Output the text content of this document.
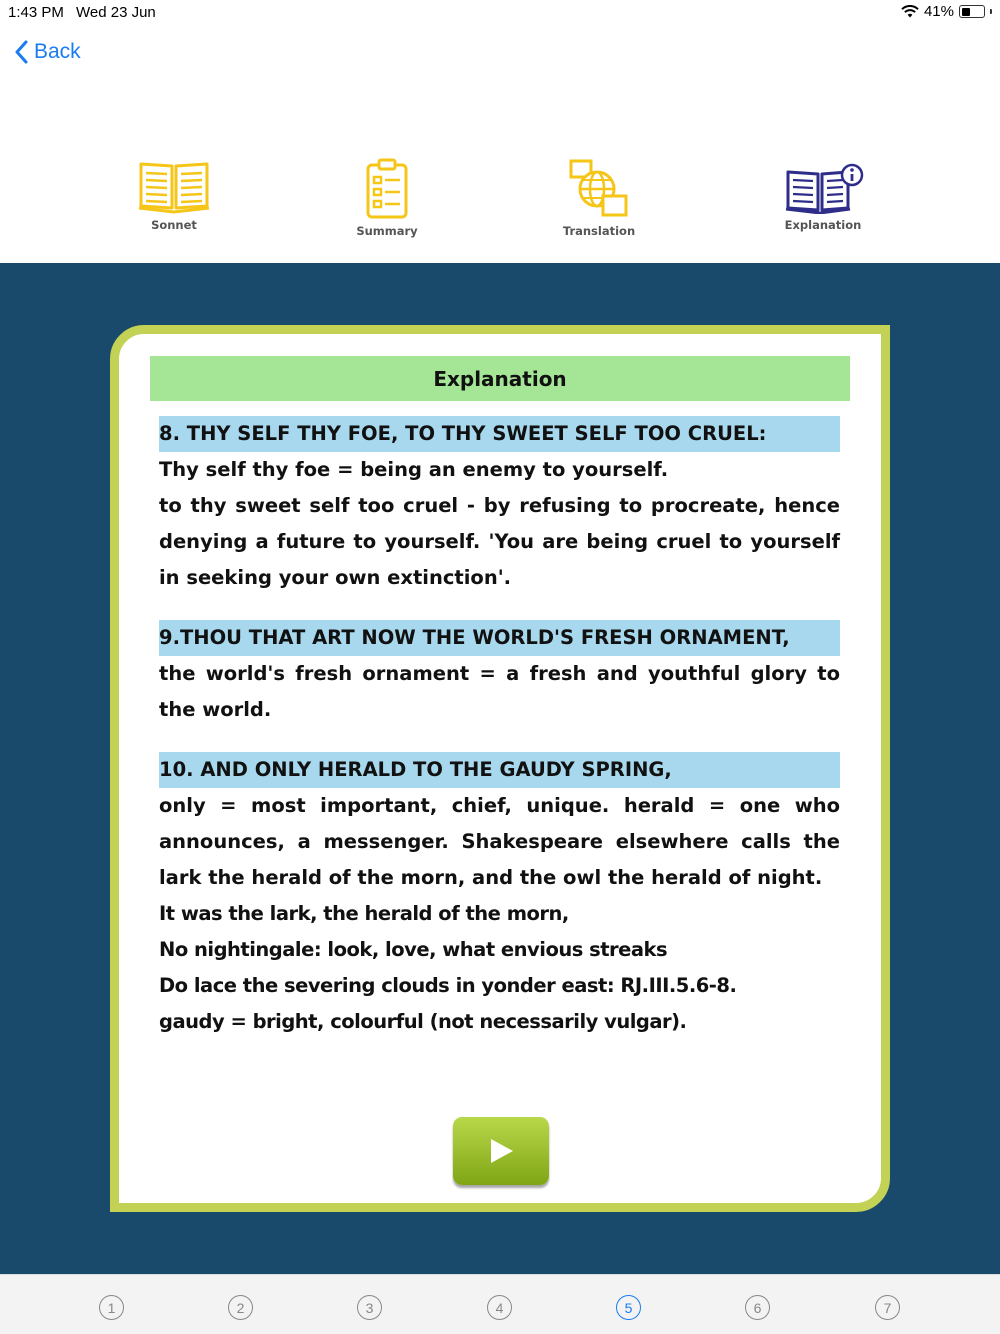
1:43 PM Wed 23 Jun	41%
Back
Sonnet	Summary	Translation	Explanation
Explanation
8. THY SELF THY FOE, TO THY SWEET SELF TOO CRUEL:

Thy self thy foe = being an enemy to yourself.

to thy sweet self too cruel - by refusing to procreate, hence denying a future to yourself. 'You are being cruel to yourself in seeking your own extinction'.

9.THOU THAT ART NOW THE WORLD'S FRESH ORNAMENT,

the world's fresh ornament = a fresh and youthful glory to the world.

10. AND ONLY HERALD TO THE GAUDY SPRING,

only = most important, chief, unique. herald = one who announces, a messenger. Shakespeare elsewhere calls the lark the herald of the morn, and the owl the herald of night.

It was the lark, the herald of the morn,

No nightingale: look, love, what envious streaks

Do lace the severing clouds in yonder east: RJ.III.5.6-8.

gaudy = bright, colourful (not necessarily vulgar).

1	2	3	4	5	6	7
